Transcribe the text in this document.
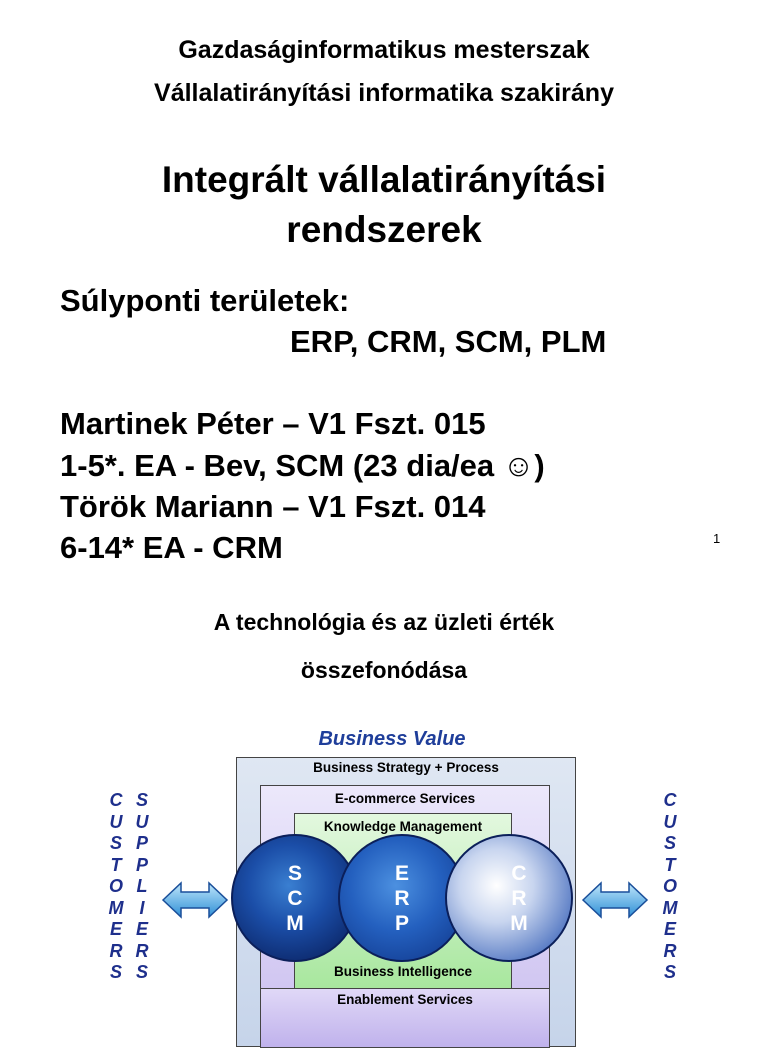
Gazdaságinformatikus mesterszak
Vállalatirányítási informatika szakirány
Integrált vállalatirányítási
rendszerek
Súlyponti területek:
ERP, CRM, SCM, PLM
Martinek Péter – V1 Fszt. 015
1-5*. EA - Bev, SCM (23 dia/ea ☺)
Török Mariann – V1 Fszt. 014
6-14* EA - CRM	1
A technológia és az üzleti érték
összefonódása
Business Value
Business Strategy + Process
E-commerce Services
Knowledge Management
Business Intelligence
Enablement Services
S
C
M
E
R
P
C
R
M
C
U
S
T
O
M
E
R
S
S
U
P
P
L
I
E
R
S
C
U
S
T
O
M
E
R
S
